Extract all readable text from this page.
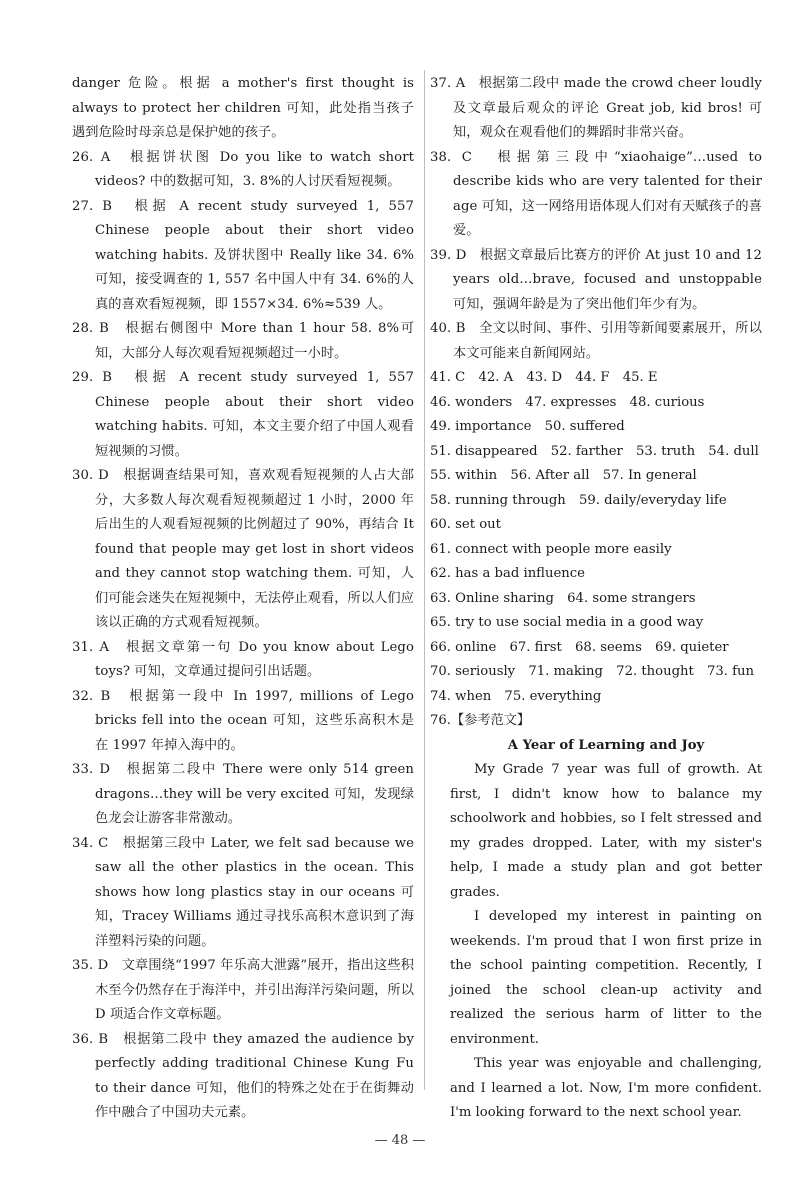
danger 危险。根据 a mother's first thought is always to protect her children 可知，此处指当孩子遇到危险时母亲总是保护她的孩子。
26. A　根据饼状图 Do you like to watch short videos? 中的数据可知，3. 8%的人讨厌看短视频。
27. B　根据 A recent study surveyed 1, 557 Chinese people about their short video watching habits. 及饼状图中 Really like 34. 6%可知，接受调查的 1, 557 名中国人中有 34. 6%的人真的喜欢看短视频，即 1557×34. 6%≈539 人。
28. B　根据右侧图中 More than 1 hour 58. 8%可知，大部分人每次观看短视频超过一小时。
29. B　根据 A recent study surveyed 1, 557 Chinese people about their short video watching habits. 可知，本文主要介绍了中国人观看短视频的习惯。
30. D　根据调查结果可知，喜欢观看短视频的人占大部分，大多数人每次观看短视频超过 1 小时，2000 年后出生的人观看短视频的比例超过了 90%，再结合 It found that people may get lost in short videos and they cannot stop watching them. 可知，人们可能会迷失在短视频中，无法停止观看，所以人们应该以正确的方式观看短视频。
31. A　根据文章第一句 Do you know about Lego toys? 可知，文章通过提问引出话题。
32. B　根据第一段中 In 1997, millions of Lego bricks fell into the ocean 可知，这些乐高积木是在 1997 年掉入海中的。
33. D　根据第二段中 There were only 514 green dragons…they will be very excited 可知，发现绿色龙会让游客非常激动。
34. C　根据第三段中 Later, we felt sad because we saw all the other plastics in the ocean. This shows how long plastics stay in our oceans 可知，Tracey Williams 通过寻找乐高积木意识到了海洋塑料污染的问题。
35. D　文章围绕“1997 年乐高大泄露”展开，指出这些积木至今仍然存在于海洋中，并引出海洋污染问题，所以 D 项适合作文章标题。
36. B　根据第二段中 they amazed the audience by perfectly adding traditional Chinese Kung Fu to their dance 可知，他们的特殊之处在于在街舞动作中融合了中国功夫元素。
37. A　根据第二段中 made the crowd cheer loudly 及文章最后观众的评论 Great job, kid bros! 可知，观众在观看他们的舞蹈时非常兴奋。
38. C　根据第三段中“xiaohaige”…used to describe kids who are very talented for their age 可知，这一网络用语体现人们对有天赋孩子的喜爱。
39. D　根据文章最后比赛方的评价 At just 10 and 12 years old…brave, focused and unstoppable 可知，强调年龄是为了突出他们年少有为。
40. B　全文以时间、事件、引用等新闻要素展开，所以本文可能来自新闻网站。
41. C　42. A　43. D　44. F　45. E
46. wonders　47. expresses　48. curious
49. importance　50. suffered
51. disappeared　52. farther　53. truth　54. dull
55. within　56. After all　57. In general
58. running through　59. daily/everyday life
60. set out
61. connect with people more easily
62. has a bad influence
63. Online sharing　64. some strangers
65. try to use social media in a good way
66. online　67. first　68. seems　69. quieter
70. seriously　71. making　72. thought　73. fun
74. when　75. everything
76.【参考范文】
A Year of Learning and Joy
My Grade 7 year was full of growth. At first, I didn't know how to balance my schoolwork and hobbies, so I felt stressed and my grades dropped. Later, with my sister's help, I made a study plan and got better grades.
I developed my interest in painting on weekends. I'm proud that I won first prize in the school painting competition. Recently, I joined the school clean-up activity and realized the serious harm of litter to the environment.
This year was enjoyable and challenging, and I learned a lot. Now, I'm more confident. I'm looking forward to the next school year.
— 48 —
